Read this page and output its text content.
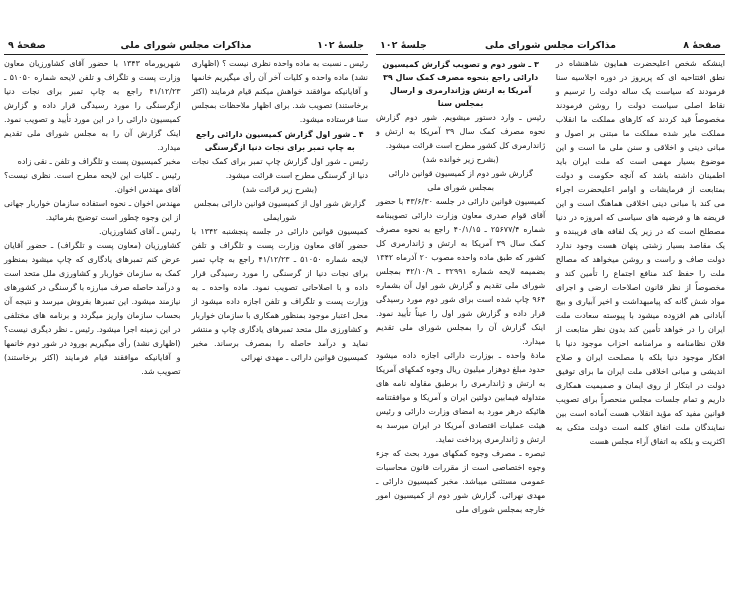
جلسهٔ ۱۰۲
مذاکرات مجلس شورای ملی
صفحهٔ ۹

رئیس ـ نسبت به ماده واحده نظری نیست ؟ (اظهاری نشد) ماده واحده و کلیات آخر آن رأی میگیریم خانمها و آقایانیکه موافقند خواهش میکنم قیام فرمایند (اکثر برخاستند) تصویب شد. برای اظهار ملاحظات بمجلس سنا فرستاده میشود.

۴ ـ شور اول گزارش کمیسیون دارائی راجع به چاپ تمبر برای نجات دنیا ازگرسنگی

رئیس ـ شور اول گزارش چاپ تمبر برای کمک نجات دنیا از گرسنگی مطرح است قرائت میشود.

(بشرح زیر قرائت شد)

گزارش شور اول از کمیسیون قوانین دارائی بمجلس شورایملی

کمیسیون قوانین دارائی در جلسه پنجشنبه ۱۳۴۲ با حضور آقای معاون وزارت پست و تلگراف و تلفن لایحه شماره ۵۱۰۵۰ ـ ۴۱/۱۲/۲۳ راجع به چاپ تمبر برای نجات دنیا از گرسنگی را مورد رسیدگی قرار داده و با اصلاحاتی تصویب نمود. ماده واحده ـ به وزارت پست و تلگراف و تلفن اجازه داده میشود از محل اعتبار موجود بمنظور همکاری با سازمان خواربار و کشاورزی ملل متحد تمبرهای یادگاری چاپ و منتشر نماید و درآمد حاصله را بمصرف برساند. مخبر کمیسیون قوانین دارائی ـ مهدی نهرائی

شهریورماه ۱۳۴۳ با حضور آقای کشاورزیان معاون وزارت پست و تلگراف و تلفن لایحه شماره ۵۱۰۵۰ ـ ۴۱/۱۲/۲۳ راجع به چاپ تمبر برای نجات دنیا ازگرسنگی را مورد رسیدگی قرار داده و گزارش کمیسیون دارائی را در این مورد تأیید و تصویب نمود. اینک گزارش آن را به مجلس شورای ملی تقدیم میدارد.

مخبر کمیسیون پست و تلگراف و تلفن ـ نقی زاده

رئیس ـ کلیات این لایحه مطرح است. نظری نیست؟ آقای مهندس اخوان.

مهندس اخوان ـ نحوه استفاده سازمان خواربار جهانی از این وجوه چطور است توضیح بفرمائید.

رئیس ـ آقای کشاورزیان.

کشاورزیان (معاون پست و تلگراف) ـ حضور آقایان عرض کنم تمبرهای یادگاری که چاپ میشود بمنظور کمک به سازمان خواربار و کشاورزی ملل متحد است و درآمد حاصله صرف مبارزه با گرسنگی در کشورهای نیازمند میشود. این تمبرها بفروش میرسد و نتیجه آن بحساب سازمان واریز میگردد و برنامه های مختلفی در این زمینه اجرا میشود. رئیس ـ نظر دیگری نیست؟ (اظهاری نشد) رأی میگیریم بورود در شور دوم خانمها و آقایانیکه موافقند قیام فرمایند (اکثر برخاستند) تصویب شد.

صفحهٔ ۸
مذاکرات مجلس شورای ملی
جلسهٔ ۱۰۲

اینشکه شخص اعلیحضرت همایون شاهنشاه در نطق افتتاحیه ای که پریروز در دوره اجلاسیه سنا فرمودند که سیاست یک ساله دولت را ترسیم و نقاط اصلی سیاست دولت را روشن فرمودند مخصوصاً قید کردند که کارهای مملکت ما انقلاب مملکت مایر شده مملکت ما مبتنی بر اصول و مبانی دینی و اخلاقی و سنن ملی ما است و این موضوع بسیار مهمی است که ملت ایران باید اطمینان داشته باشد که آنچه حکومت و دولت بمتابعت از فرمایشات و اوامر اعلیحضرت اجراء می کند با مبانی دینی اخلاقی هماهنگ است و این فریضه ها و فرضیه های سیاسی که امروزه در دنیا مصطلح است که در زیر یک لفافه های فریبنده و یک مقاصد بسیار زشتی پنهان هست وجود ندارد دولت صاف و راست و روشن میخواهد که مصالح ملت را حفظ کند منافع اجتماع را تأمین کند و مخصوصاً از نظر قانون اصلاحات ارضی و اجرای مواد شش گانه که پیامبهداشت و اخیر آبیاری و بیچ آبادانی هم افزوده میشود با پیوسته سعادت ملت ایران را در خواهد تأمین کند بدون نظر متابعت از فلان نظامنامه و مرامنامه احزاب موجود دنیا با افکار موجود دنیا بلکه با مصلحت ایران و صلاح اندیشی و مبانی اخلاقی ملت ایران ما برای توفیق دولت در ابتکار از روی ایمان و صمیمیت همکاری داریم و تمام جلسات مجلس منحصراً برای تصویب قوانین مفید که مؤید انقلاب هست آماده است بین نمایندگان ملت اتفاق کلمه است دولت متکی به اکثریت و بلکه به اتفاق آراء مجلس هست

۳ ـ شور دوم و تصویب گزارش کمیسیون دارائی راجع بنحوه مصرف کمک سال ۳۹ آمریکا به ارتش وژاندارمری و ارسال بمجلس سنا

رئیس ـ وارد دستور میشویم. شور دوم گزارش نحوه مصرف کمک سال ۳۹ آمریکا به ارتش و ژاندارمری کل کشور مطرح است قرائت میشود.

(بشرح زیر خوانده شد)

گزارش شور دوم از کمیسیون قوانین دارائی بمجلس شورای ملی

کمیسیون قوانین دارائی در جلسه ۴۳/۶/۳۰ با حضور آقای قوام صدری معاون وزارت دارائی تصویبنامه شماره ۲۵۶۷۷/۴ ـ ۴۰/۱/۱۵ راجع به نحوه مصرف کمک سال ۳۹ آمریکا به ارتش و ژاندارمری کل کشور که طبق ماده واحده مصوب ۲۰ آذرماه ۱۳۴۲ بضمیمه لایحه شماره ۳۲۹۹۱ ـ ۴۲/۱۰/۹ بمجلس شورای ملی تقدیم و گزارش شور اول آن بشماره ۹۶۴ چاپ شده است برای شور دوم مورد رسیدگی قرار داده و گزارش شور اول را عیناً تأیید نمود. اینک گزارش آن را بمجلس شورای ملی تقدیم میدارد.

مادهٔ واحده ـ بوزارت دارائی اجازه داده میشود حدود مبلغ دوهزار میلیون ریال وجوه کمکهای آمریکا به ارتش و ژاندارمری را برطبق مقاوله نامه های متداوله فیمابین دولتین ایران و آمریکا و موافقتنامه هائیکه درهر مورد به امضای وزارت دارائی و رئیس هیئت عملیات اقتصادی آمریکا در ایران میرسد به ارتش و ژاندارمری پرداخت نماید.

تبصره ـ مصرف وجوه کمکهای مورد بحث که جزء وجوه اختصاصی است از مقررات قانون محاسبات عمومی مستثنی میباشد. مخبر کمیسیون دارائی ـ مهدی نهرائی. گزارش شور دوم از کمیسیون امور خارجه بمجلس شورای ملی
